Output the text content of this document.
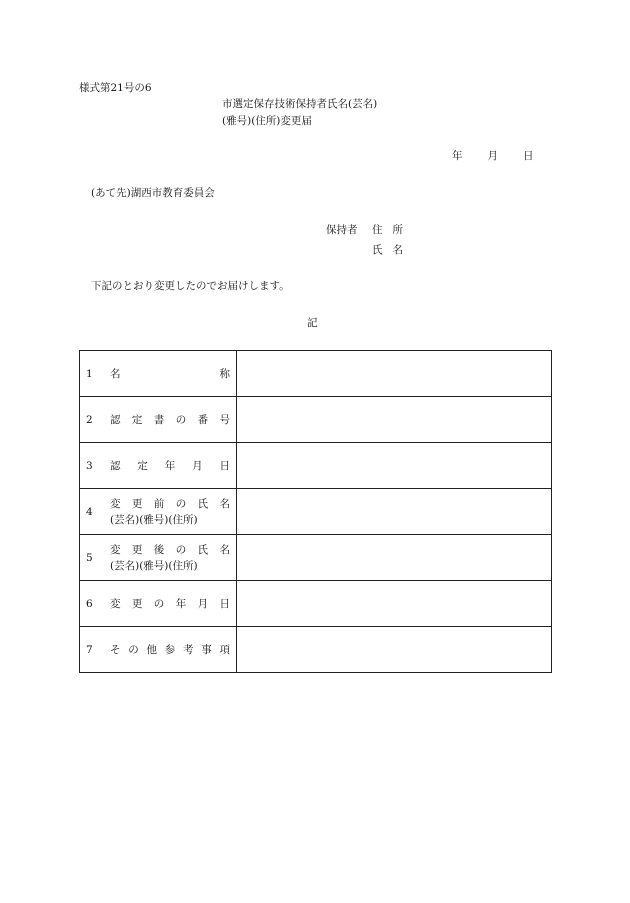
様式第21号の6
市選定保存技術保持者氏名(芸名)
(雅号)(住所)変更届
年 月 日
(あて先)湖西市教育委員会
保持者 住所
氏名
下記のとおり変更したのでお届けします。
記
1	名称	

2	認定書の番号	

3	認定年月日	

4	変更前の氏名
(芸名)(雅号)(住所)	

5	変更後の氏名
(芸名)(雅号)(住所)	

6	変更の年月日	

7	その他参考事項	
